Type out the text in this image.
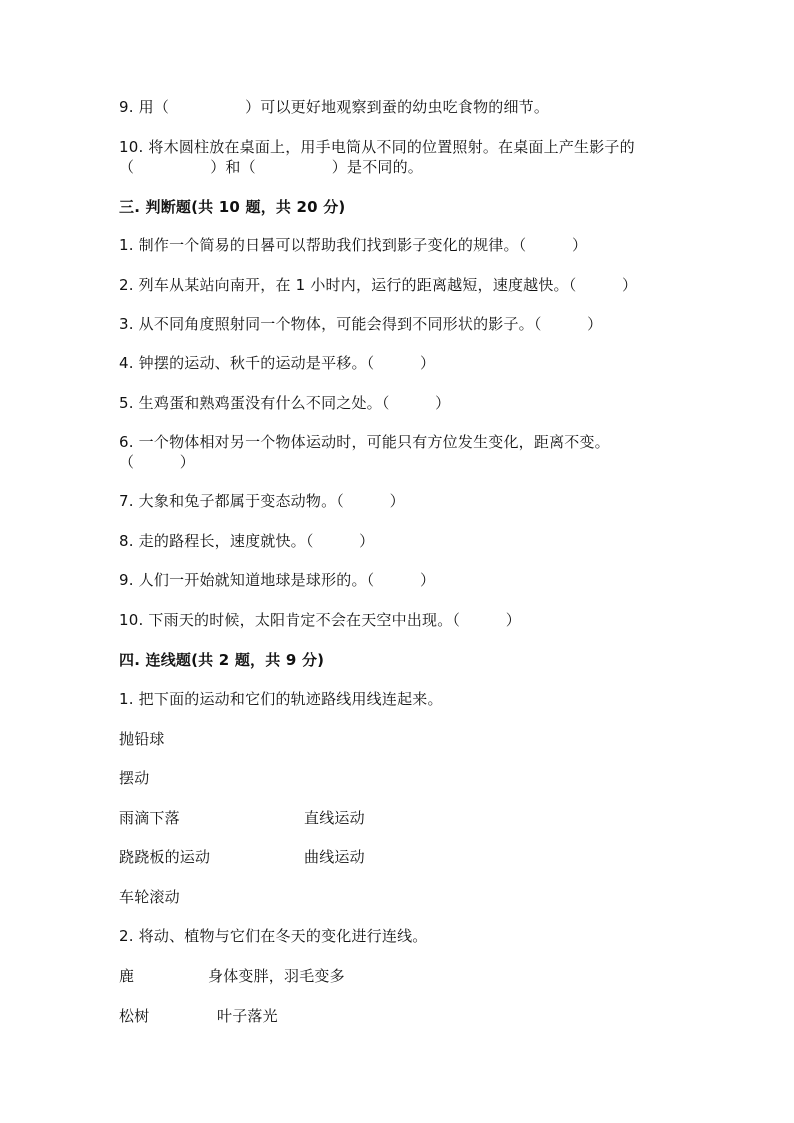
9. 用（　　　　　）可以更好地观察到蚕的幼虫吃食物的细节。
10. 将木圆柱放在桌面上，用手电筒从不同的位置照射。在桌面上产生影子的
（　　　　　）和（　　　　　）是不同的。
三. 判断题(共 10 题，共 20 分)
1. 制作一个简易的日晷可以帮助我们找到影子变化的规律。（　　　）
2. 列车从某站向南开，在 1 小时内，运行的距离越短，速度越快。（　　　）
3. 从不同角度照射同一个物体，可能会得到不同形状的影子。（　　　）
4. 钟摆的运动、秋千的运动是平移。（　　　）
5. 生鸡蛋和熟鸡蛋没有什么不同之处。（　　　）
6. 一个物体相对另一个物体运动时，可能只有方位发生变化，距离不变。
（　　　）
7. 大象和兔子都属于变态动物。（　　　）
8. 走的路程长，速度就快。（　　　）
9. 人们一开始就知道地球是球形的。（　　　）
10. 下雨天的时候，太阳肯定不会在天空中出现。（　　　）
四. 连线题(共 2 题，共 9 分)
1. 把下面的运动和它们的轨迹路线用线连起来。
抛铅球
摆动
雨滴下落	直线运动
跷跷板的运动	曲线运动
车轮滚动
2. 将动、植物与它们在冬天的变化进行连线。
鹿	身体变胖，羽毛变多
松树	叶子落光
